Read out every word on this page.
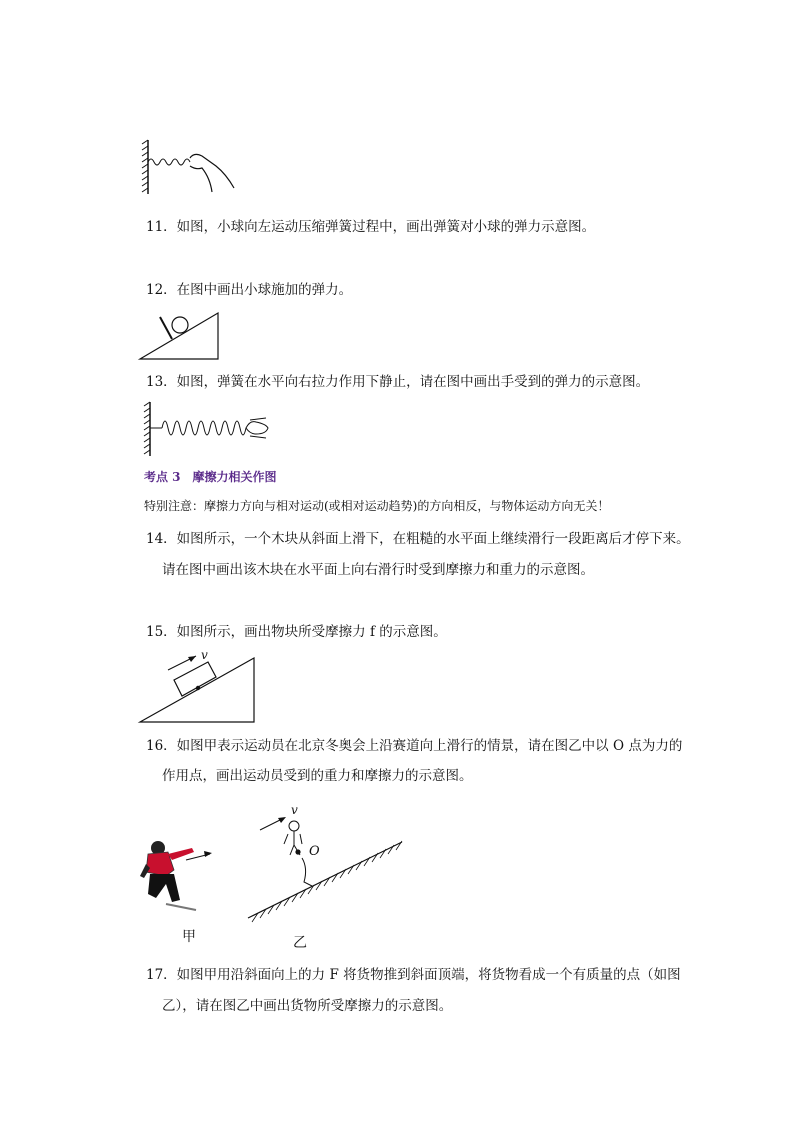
11．如图，小球向左运动压缩弹簧过程中，画出弹簧对小球的弹力示意图。
12．在图中画出小球施加的弹力。
13．如图，弹簧在水平向右拉力作用下静止，请在图中画出手受到的弹力的示意图。
考点 3　摩擦力相关作图
特别注意：摩擦力方向与相对运动(或相对运动趋势)的方向相反，与物体运动方向无关！
14．如图所示，一个木块从斜面上滑下，在粗糙的水平面上继续滑行一段距离后才停下来。
请在图中画出该木块在水平面上向右滑行时受到摩擦力和重力的示意图。
15．如图所示，画出物块所受摩擦力 f 的示意图。
v
16．如图甲表示运动员在北京冬奥会上沿赛道向上滑行的情景，请在图乙中以 O 点为力的
作用点，画出运动员受到的重力和摩擦力的示意图。
甲
v
O
乙
17．如图甲用沿斜面向上的力 F 将货物推到斜面顶端，将货物看成一个有质量的点（如图
乙），请在图乙中画出货物所受摩擦力的示意图。
